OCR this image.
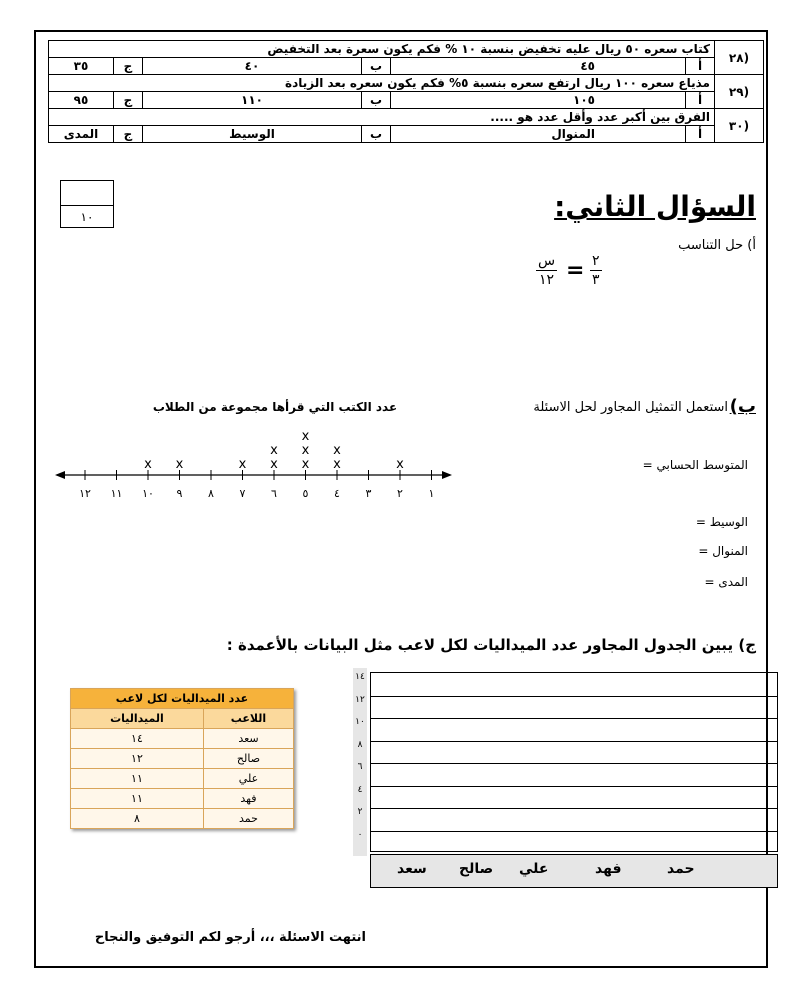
(٢٨	كتاب سعره ٥٠ ريال عليه تخفيض بنسبة ١٠ % فكم يكون سعرة بعد التخفيض					
	أ	٤٥	ب	٤٠	ج	٣٥
(٢٩	مذياع سعره ١٠٠ ريال ارتفع سعره بنسبة ٥% فكم يكون سعره بعد الزيادة					
	أ	١٠٥	ب	١١٠	ج	٩٥
(٣٠	الفرق بين أكبر عدد وأقل عدد هو .....					
	أ	المنوال	ب	الوسيط	ج	المدى
١٠	السؤال الثاني:
أ) حل التناسب
٢
٣
=
س
١٢
ب)
استعمل التمثيل المجاور لحل الاسئلة
المتوسط الحسابي =
الوسيط =
المنوال =
المدى =
عدد الكتب التي قرأها مجموعة من الطلاب
١
٢
٣
٤
٥
٦
٧
٨
٩
١٠
١١
١٢
x
x
x
x
x
x
x
x
x
x
x
ج) يبين الجدول المجاور عدد الميداليات لكل لاعب مثل البيانات بالأعمدة :
عدد الميداليات لكل لاعب	
اللاعب	الميداليات
سعد	١٤
صالح	١٢
علي	١١
فهد	١١
حمد	٨
١٤
١٢
١٠
٨
٦
٤
٢
٠
حمد
فهد
علي
صالح
سعد
انتهت الاسئلة ،،، أرجو لكم التوفيق والنجاح
